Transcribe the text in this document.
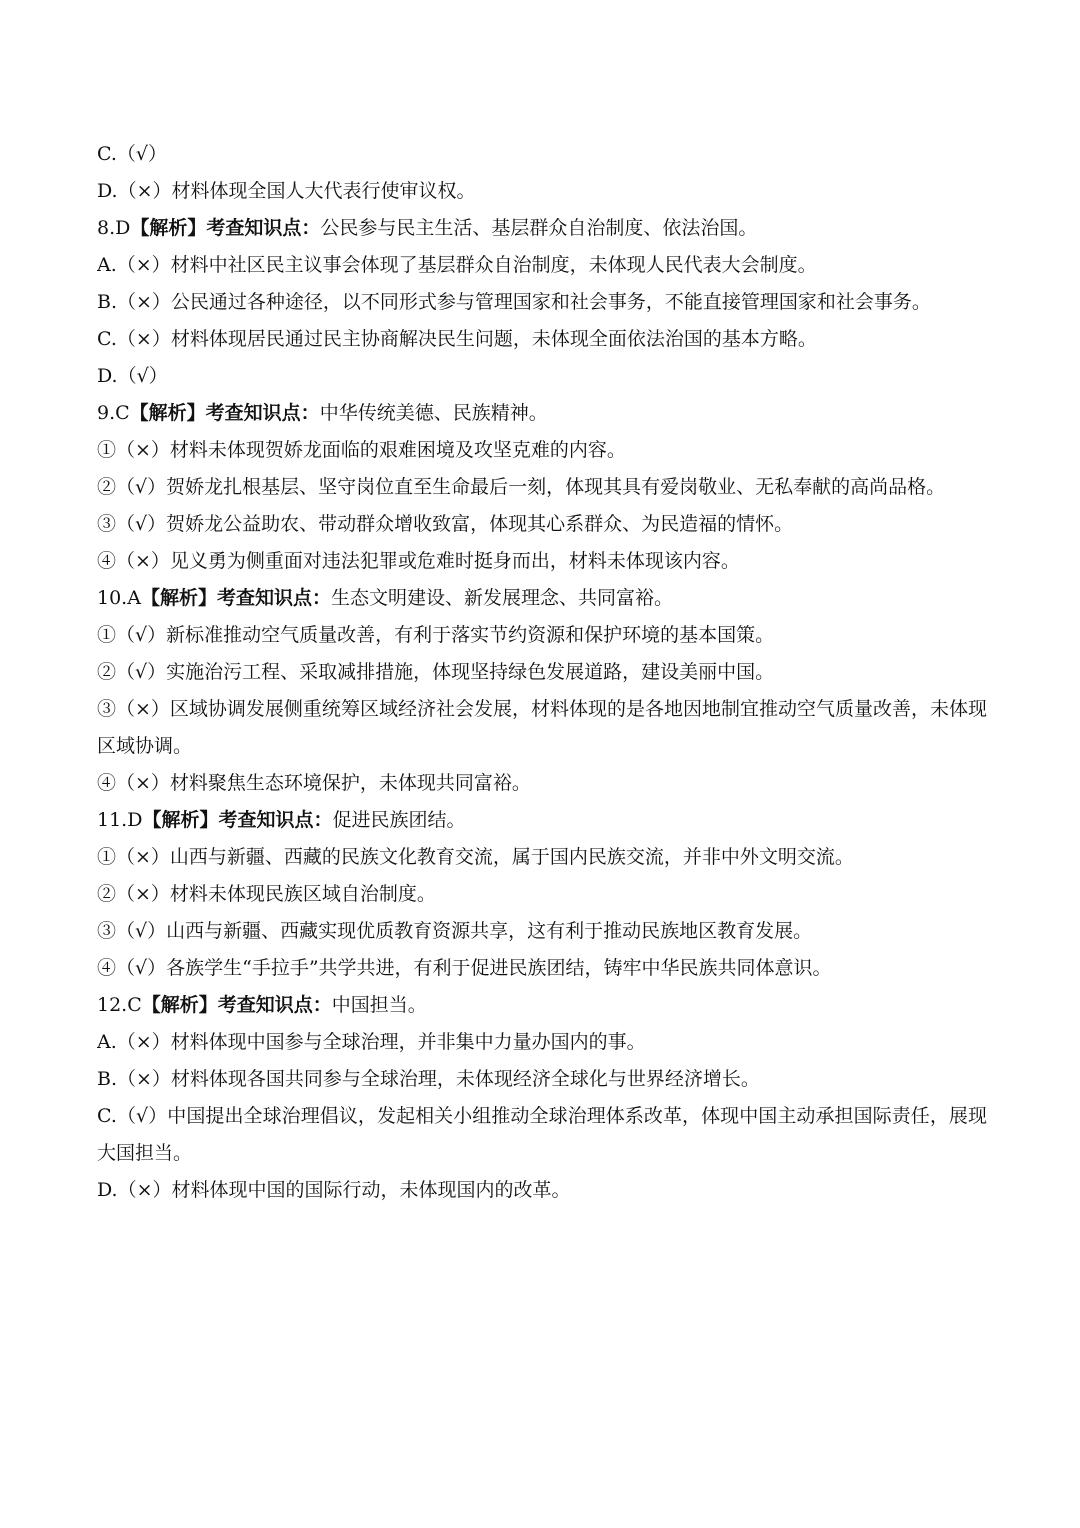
C.（√）
D.（×）材料体现全国人大代表行使审议权。
8.D【解析】考查知识点：公民参与民主生活、基层群众自治制度、依法治国。
A.（×）材料中社区民主议事会体现了基层群众自治制度，未体现人民代表大会制度。
B.（×）公民通过各种途径，以不同形式参与管理国家和社会事务，不能直接管理国家和社会事务。
C.（×）材料体现居民通过民主协商解决民生问题，未体现全面依法治国的基本方略。
D.（√）
9.C【解析】考查知识点：中华传统美德、民族精神。
①（×）材料未体现贺娇龙面临的艰难困境及攻坚克难的内容。
②（√）贺娇龙扎根基层、坚守岗位直至生命最后一刻，体现其具有爱岗敬业、无私奉献的高尚品格。
③（√）贺娇龙公益助农、带动群众增收致富，体现其心系群众、为民造福的情怀。
④（×）见义勇为侧重面对违法犯罪或危难时挺身而出，材料未体现该内容。
10.A【解析】考查知识点：生态文明建设、新发展理念、共同富裕。
①（√）新标准推动空气质量改善，有利于落实节约资源和保护环境的基本国策。
②（√）实施治污工程、采取减排措施，体现坚持绿色发展道路，建设美丽中国。
③（×）区域协调发展侧重统筹区域经济社会发展，材料体现的是各地因地制宜推动空气质量改善，未体现区域协调。
④（×）材料聚焦生态环境保护，未体现共同富裕。
11.D【解析】考查知识点：促进民族团结。
①（×）山西与新疆、西藏的民族文化教育交流，属于国内民族交流，并非中外文明交流。
②（×）材料未体现民族区域自治制度。
③（√）山西与新疆、西藏实现优质教育资源共享，这有利于推动民族地区教育发展。
④（√）各族学生“手拉手”共学共进，有利于促进民族团结，铸牢中华民族共同体意识。
12.C【解析】考查知识点：中国担当。
A.（×）材料体现中国参与全球治理，并非集中力量办国内的事。
B.（×）材料体现各国共同参与全球治理，未体现经济全球化与世界经济增长。
C.（√）中国提出全球治理倡议，发起相关小组推动全球治理体系改革，体现中国主动承担国际责任，展现大国担当。
D.（×）材料体现中国的国际行动，未体现国内的改革。
